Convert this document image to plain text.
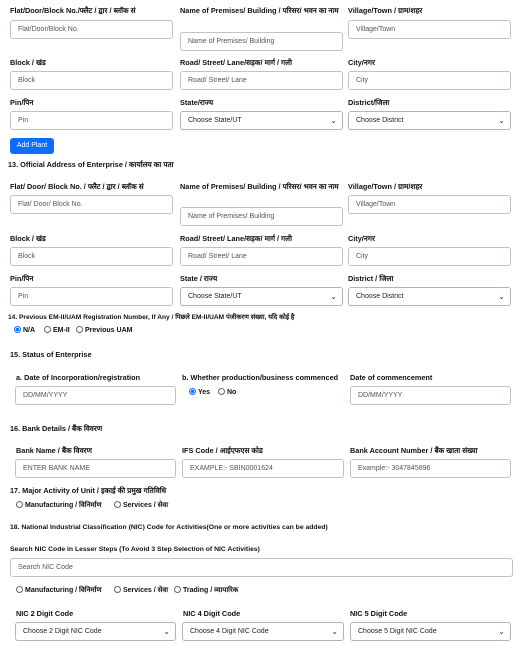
Flat/Door/Block No./फ्लैट / द्वार / ब्लॉक सं
Flat/Door/Block No.
Name of Premises/ Building / परिसर/ भवन का नाम
Name of Premises/ Building
Village/Town / ग्राम/शहर
Village/Town
Block / खंड
Block
Road/ Street/ Lane/सड़क/ मार्ग / गली
Road/ Street/ Lane
City/नगर
City
Pin/पिन
Pin
State/राज्य
Choose State/UT	⌄
District/जिला
Choose District	⌄
Add Plant
13. Official Address of Enterprise / कार्यालय का पता
Flat/ Door/ Block No. / फ्लैट / द्वार / ब्लॉक सं
Flat/ Door/ Block No.
Name of Premises/ Building / परिसर/ भवन का नाम
Name of Premises/ Building
Village/Town / ग्राम/शहर
Village/Town
Block / खंड
Block
Road/ Street/ Lane/सड़क/ मार्ग / गली
Road/ Street/ Lane
City/नगर
City
Pin/पिन
Pin
State / राज्य
Choose State/UT	⌄
District / जिला
Choose District	⌄
14. Previous EM-II/UAM Registration Number, If Any / पिछले EM-II/UAM पंजीकरण संख्या, यदि कोई है
N/A	EM-II	Previous UAM
15. Status of Enterprise
a. Date of Incorporation/registration
DD/MM/YYYY
b. Whether production/business commenced
Yes	No
Date of commencement
DD/MM/YYYY
16. Bank Details / बैंक विवरण
Bank Name / बैंक विवरण
ENTER BANK NAME
IFS Code / आईएफएस कोड
EXAMPLE:- SBIN0001624
Bank Account Number / बैंक खाता संख्या
Example:- 3047845896
17. Major Activity of Unit / इकाई की प्रमुख गतिविधि
Manufacturing / विनिर्माण	Services / सेवा
18. National Industrial Classification (NIC) Code for Activities(One or more activities can be added)
Search NIC Code in Lesser Steps (To Avoid 3 Step Selection of NIC Activities)
Search NIC Code
Manufacturing / विनिर्माण	Services / सेवा	Trading / व्यापारिक
NIC 2 Digit Code
Choose 2 Digit NIC Code	⌄
NIC 4 Digit Code
Choose 4 Digit NIC Code	⌄
NIC 5 Digit Code
Choose 5 Digit NIC Code	⌄
